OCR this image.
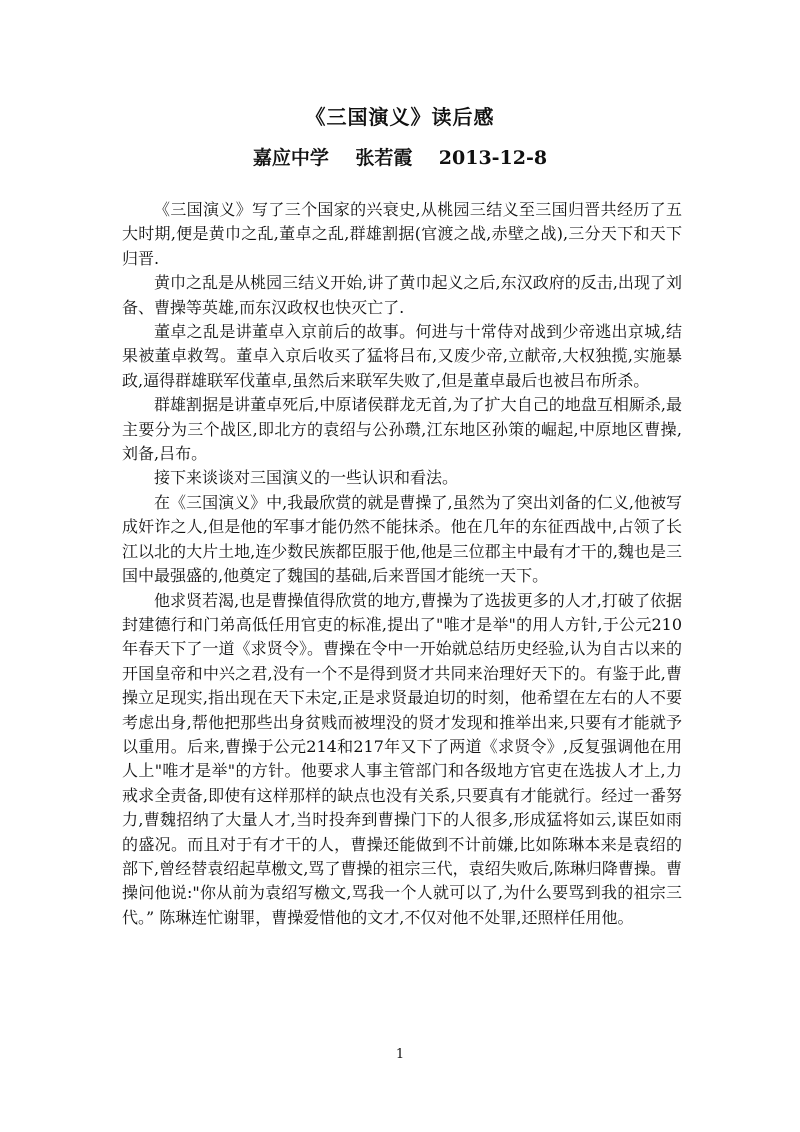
《三国演义》读后感
嘉应中学    张若霞    2013-12-8

《三国演义》写了三个国家的兴衰史,从桃园三结义至三国归晋共经历了五大时期,便是黄巾之乱,董卓之乱,群雄割据(官渡之战,赤壁之战),三分天下和天下归晋.

黄巾之乱是从桃园三结义开始,讲了黄巾起义之后,东汉政府的反击,出现了刘备、曹操等英雄,而东汉政权也快灭亡了.

董卓之乱是讲董卓入京前后的故事。何进与十常侍对战到少帝逃出京城,结果被董卓救驾。董卓入京后收买了猛将吕布,又废少帝,立献帝,大权独揽,实施暴政,逼得群雄联军伐董卓,虽然后来联军失败了,但是董卓最后也被吕布所杀。

群雄割据是讲董卓死后,中原诸侯群龙无首,为了扩大自己的地盘互相厮杀,最主要分为三个战区,即北方的袁绍与公孙瓒,江东地区孙策的崛起,中原地区曹操,刘备,吕布。

接下来谈谈对三国演义的一些认识和看法。

在《三国演义》中,我最欣赏的就是曹操了,虽然为了突出刘备的仁义,他被写成奸诈之人,但是他的军事才能仍然不能抹杀。他在几年的东征西战中,占领了长江以北的大片土地,连少数民族都臣服于他,他是三位郡主中最有才干的,魏也是三国中最强盛的,他奠定了魏国的基础,后来晋国才能统一天下。

他求贤若渴,也是曹操值得欣赏的地方,曹操为了选拔更多的人才,打破了依据封建德行和门弟高低任用官吏的标准,提出了"唯才是举"的用人方针,于公元210年春天下了一道《求贤令》。曹操在令中一开始就总结历史经验,认为自古以来的开国皇帝和中兴之君,没有一个不是得到贤才共同来治理好天下的。有鉴于此,曹操立足现实,指出现在天下未定,正是求贤最迫切的时刻，他希望在左右的人不要考虑出身,帮他把那些出身贫贱而被埋没的贤才发现和推举出来,只要有才能就予以重用。后来,曹操于公元214和217年又下了两道《求贤令》,反复强调他在用人上"唯才是举"的方针。他要求人事主管部门和各级地方官吏在选拔人才上,力戒求全责备,即使有这样那样的缺点也没有关系,只要真有才能就行。经过一番努力,曹魏招纳了大量人才,当时投奔到曹操门下的人很多,形成猛将如云,谋臣如雨的盛况。而且对于有才干的人，曹操还能做到不计前嫌,比如陈琳本来是袁绍的部下,曾经替袁绍起草檄文,骂了曹操的祖宗三代，袁绍失败后,陈琳归降曹操。曹操问他说:"你从前为袁绍写檄文,骂我一个人就可以了,为什么要骂到我的祖宗三代。” 陈琳连忙谢罪，曹操爱惜他的文才,不仅对他不处罪,还照样任用他。

1
